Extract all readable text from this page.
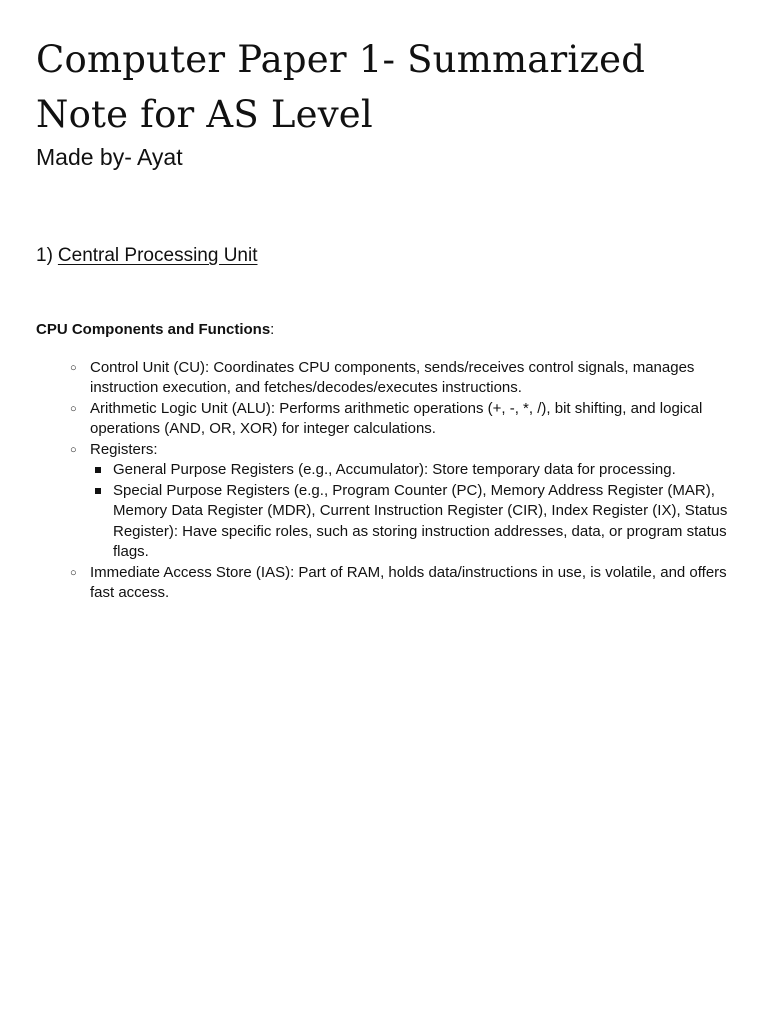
Computer Paper 1- Summarized Note for AS Level

Made by- Ayat

1) Central Processing Unit

CPU Components and Functions:
○ Control Unit (CU): Coordinates CPU components, sends/receives control signals, manages instruction execution, and fetches/decodes/executes instructions.
○ Arithmetic Logic Unit (ALU): Performs arithmetic operations (+, -, *, /), bit shifting, and logical operations (AND, OR, XOR) for integer calculations.
○ Registers:
General Purpose Registers (e.g., Accumulator): Store temporary data for processing.
Special Purpose Registers (e.g., Program Counter (PC), Memory Address Register (MAR), Memory Data Register (MDR), Current Instruction Register (CIR), Index Register (IX), Status Register): Have specific roles, such as storing instruction addresses, data, or program status flags.
○ Immediate Access Store (IAS): Part of RAM, holds data/instructions in use, is volatile, and offers fast access.
